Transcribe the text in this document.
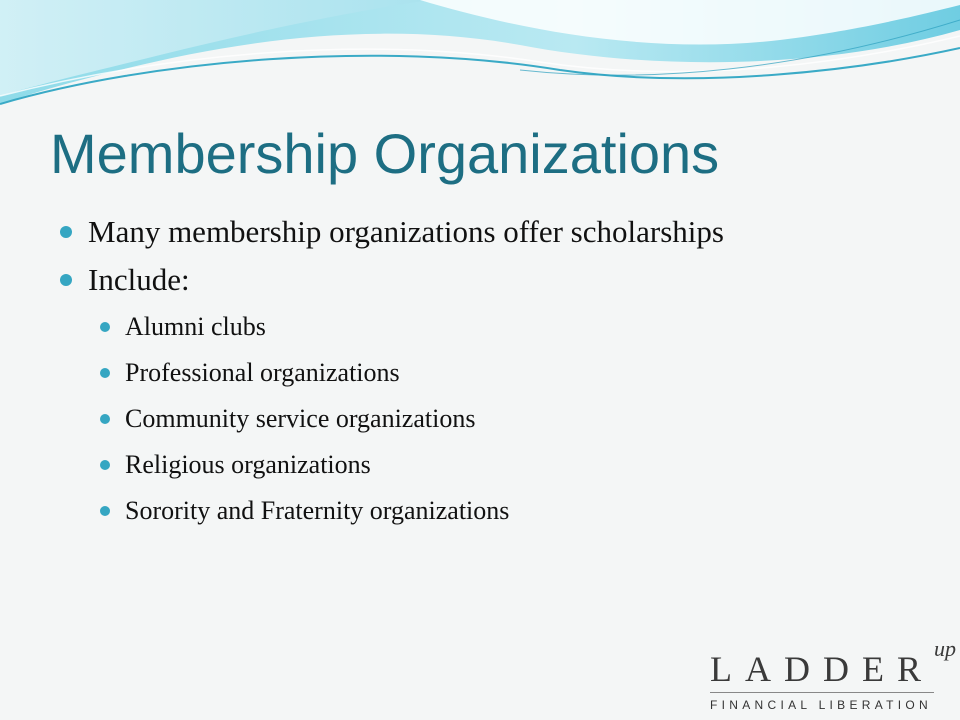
Membership Organizations
Many membership organizations offer scholarships
Include:
Alumni clubs
Professional organizations
Community service organizations
Religious organizations
Sorority and Fraternity organizations
LADDER
up
FINANCIAL LIBERATION
